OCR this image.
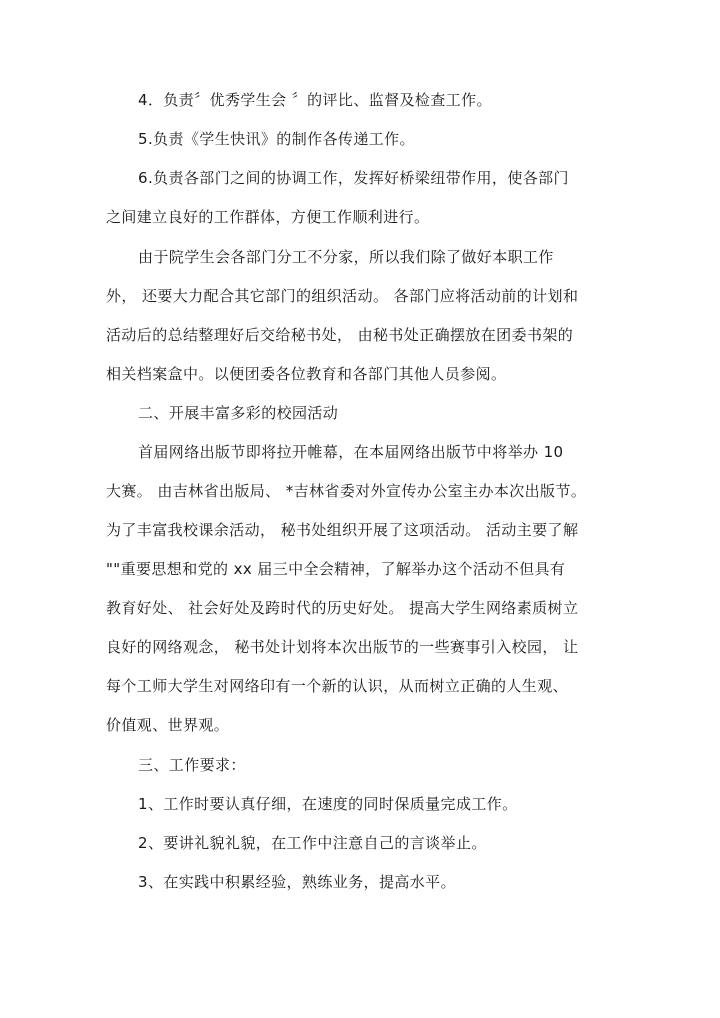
4．负责〞优秀学生会 〞的评比、监督及检查工作。
5.负责《学生快讯》的制作各传递工作。
6.负责各部门之间的协调工作，发挥好桥梁纽带作用，使各部门
之间建立良好的工作群体，方便工作顺利进行。
由于院学生会各部门分工不分家，所以我们除了做好本职工作
外， 还要大力配合其它部门的组织活动。 各部门应将活动前的计划和
活动后的总结整理好后交给秘书处， 由秘书处正确摆放在团委书架的
相关档案盒中。以便团委各位教育和各部门其他人员参阅。
二、开展丰富多彩的校园活动
首届网络出版节即将拉开帷幕，在本届网络出版节中将举办 10
大赛。 由吉林省出版局、 *吉林省委对外宣传办公室主办本次出版节。
为了丰富我校课余活动， 秘书处组织开展了这项活动。 活动主要了解
""重要思想和党的 xx 届三中全会精神，了解举办这个活动不但具有
教育好处、 社会好处及跨时代的历史好处。 提高大学生网络素质树立
良好的网络观念， 秘书处计划将本次出版节的一些赛事引入校园， 让
每个工师大学生对网络印有一个新的认识，从而树立正确的人生观、
价值观、世界观。
三、工作要求：
1、工作时要认真仔细，在速度的同时保质量完成工作。
2、要讲礼貌礼貌，在工作中注意自己的言谈举止。
3、在实践中积累经验，熟练业务，提高水平。
